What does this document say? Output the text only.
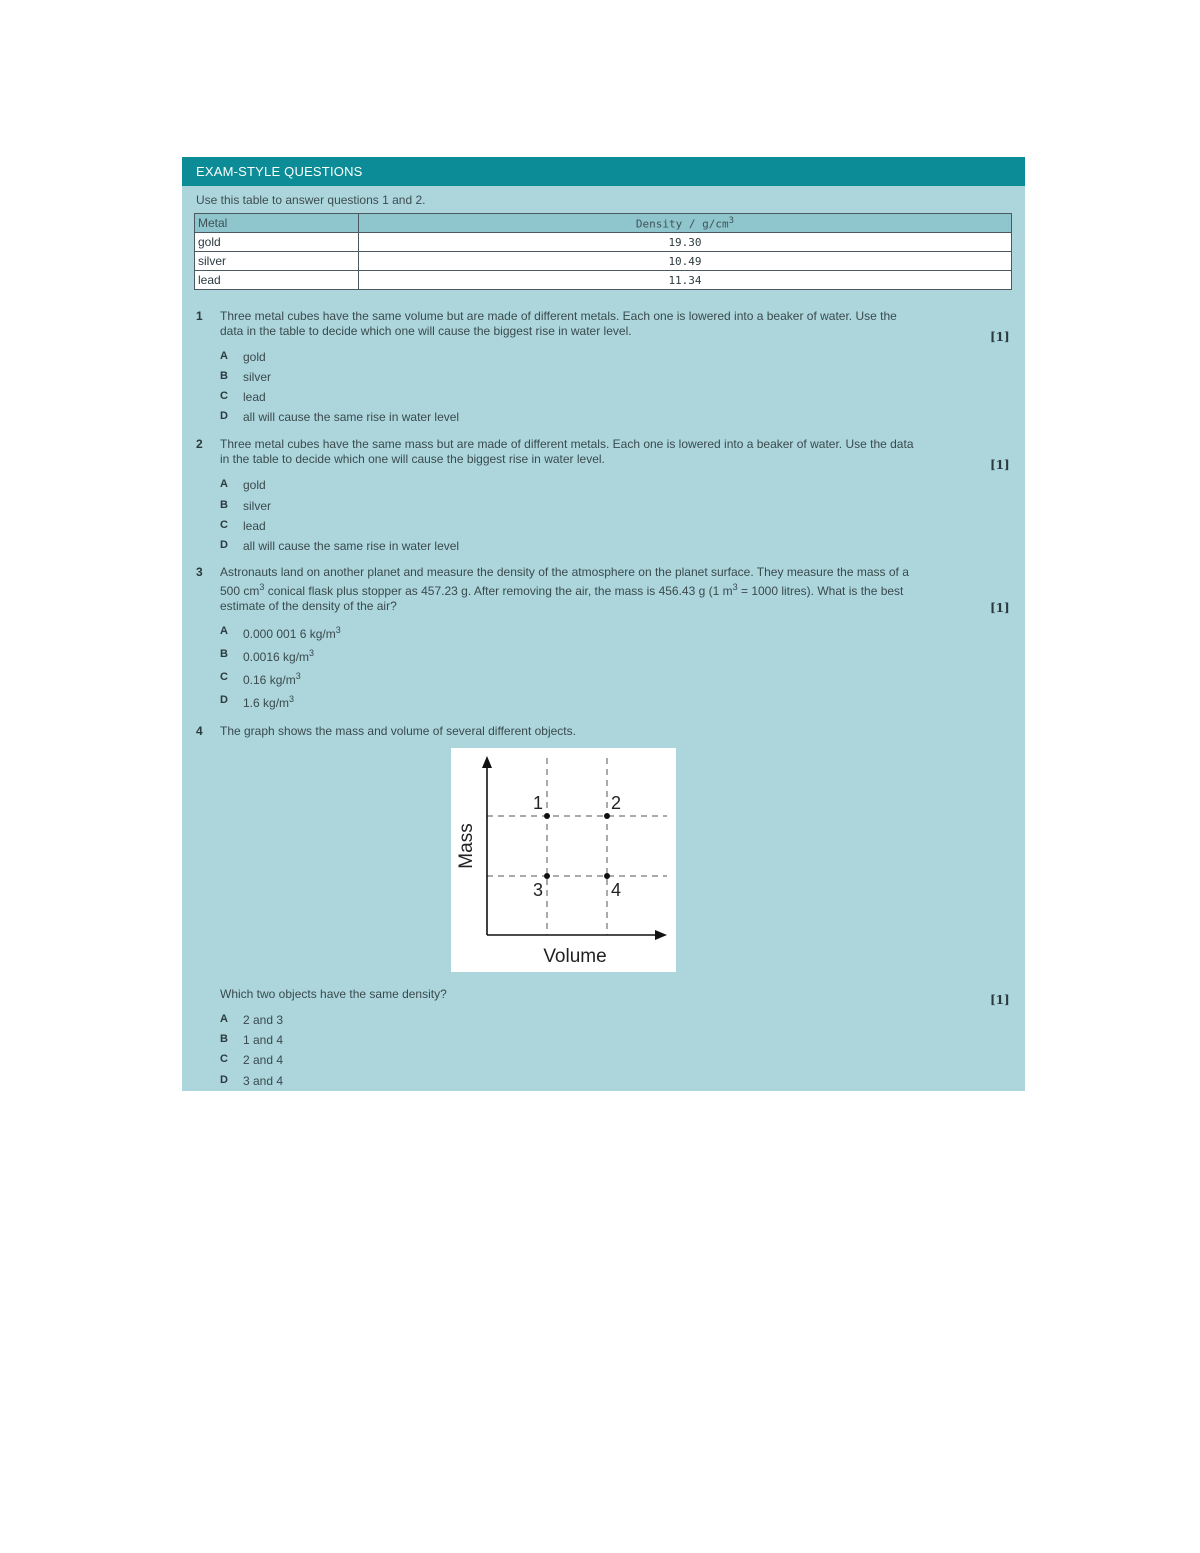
EXAM-STYLE QUESTIONS
Use this table to answer questions 1 and 2.
Metal	Density / $g/cm^3$
gold	19.30
silver	10.49
lead	11.34
1 Three metal cubes have the same volume but are made of different metals. Each one is lowered into a beaker of water. Use the data in the table to decide which one will cause the biggest rise in water level.	[1]
A gold
B silver
C lead
D all will cause the same rise in water level
2 Three metal cubes have the same mass but are made of different metals. Each one is lowered into a beaker of water. Use the data in the table to decide which one will cause the biggest rise in water level.	[1]
A gold
B silver
C lead
D all will cause the same rise in water level
3 Astronauts land on another planet and measure the density of the atmosphere on the planet surface. They measure the mass of a 500 $cm^3$ conical flask plus stopper as 457.23 g. After removing the air, the mass is 456.43 g (1 $m^3 = 1000$ litres). What is the best estimate of the density of the air?	[1]
A 0.000 001 6 $kg/m^3$
B 0.0016 $kg/m^3$
C 0.16 $kg/m^3$
D 1.6 $kg/m^3$
4 The graph shows the mass and volume of several different objects.
1	2
3	4
Volume
Mass
Which two objects have the same density?	[1]
A 2 and 3
B 1 and 4
C 2 and 4
D 3 and 4
